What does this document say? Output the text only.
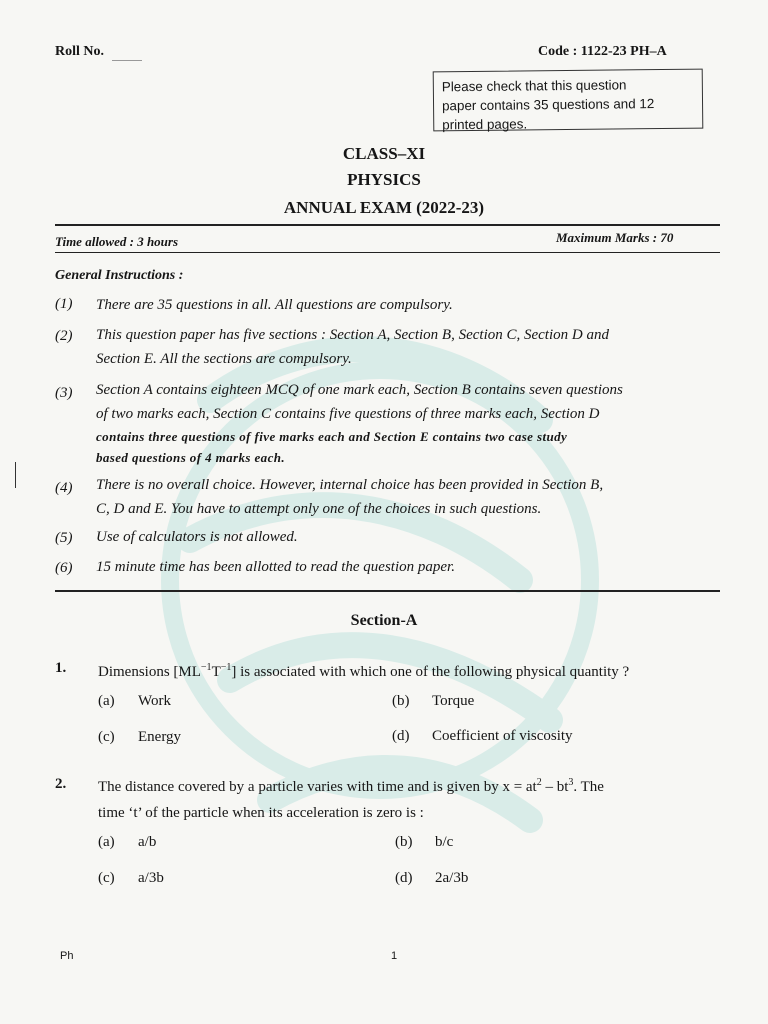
Roll No.	Code : 1122-23 PH–A
Please check that this question
paper contains 35 questions and 12
printed pages.
CLASS–XI
PHYSICS
ANNUAL EXAM (2022-23)
Time allowed : 3 hours	Maximum Marks : 70
General Instructions :
(1) There are 35 questions in all. All questions are compulsory.
(2) This question paper has five sections : Section A, Section B, Section C, Section D and
Section E. All the sections are compulsory.
(3) Section A contains eighteen MCQ of one mark each, Section B contains seven questions
of two marks each, Section C contains five questions of three marks each, Section D
contains three questions of five marks each and Section E contains two case study
based questions of 4 marks each.
(4) There is no overall choice. However, internal choice has been provided in Section B,
C, D and E. You have to attempt only one of the choices in such questions.
(5) Use of calculators is not allowed.
(6) 15 minute time has been allotted to read the question paper.
Section-A
1. Dimensions $[ML^{-1}T^{-1}]$ is associated with which one of the following physical quantity ?
(a) Work	(b) Torque
(c) Energy	(d) Coefficient of viscosity
2. The distance covered by a particle varies with time and is given by $x = at^2 - bt^3$. The
time ‘t’ of the particle when its acceleration is zero is :
(a) a/b	(b) b/c
(c) a/3b	(d) 2a/3b
Ph	1
